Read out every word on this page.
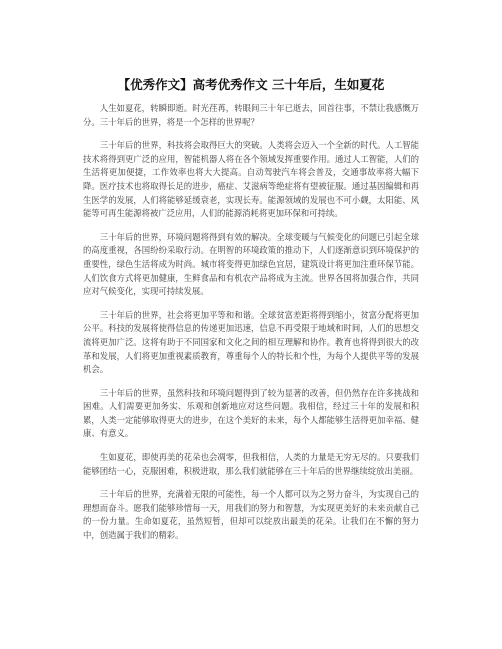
【优秀作文】高考优秀作文 三十年后，生如夏花

人生如夏花，转瞬即逝。时光荏苒，转眼间三十年已逝去，回首往事，不禁让我感慨万分。三十年后的世界，将是一个怎样的世界呢？

三十年后的世界，科技将会取得巨大的突破。人类将会迈入一个全新的时代。人工智能技术将得到更广泛的应用，智能机器人将在各个领域发挥重要作用。通过人工智能，人们的生活将更加便捷，工作效率也将大大提高。自动驾驶汽车将会普及，交通事故率将大幅下降。医疗技术也将取得长足的进步，癌症、艾滋病等绝症将有望被征服。通过基因编辑和再生医学的发展，人们将能够延缓衰老，实现长寿。能源领域的发展也不可小觑，太阳能、风能等可再生能源将被广泛应用，人们的能源消耗将更加环保和可持续。

三十年后的世界，环境问题将得到有效的解决。全球变暖与气候变化的问题已引起全球的高度重视，各国纷纷采取行动。在明智的环境政策的推动下，人们逐渐意识到环境保护的重要性，绿色生活将成为时尚。城市将变得更加绿色宜居，建筑设计将更加注重环保节能。人们饮食方式将更加健康，生鲜食品和有机农产品将成为主流。世界各国将加强合作，共同应对气候变化，实现可持续发展。

三十年后的世界，社会将更加平等和和谐。全球贫富差距将得到缩小，贫富分配将更加公平。科技的发展将使得信息的传递更加迅速，信息不再受限于地域和时间，人们的思想交流将更加广泛。这将有助于不同国家和文化之间的相互理解和协作。教育也将得到很大的改革和发展，人们将更加重视素质教育，尊重每个人的特长和个性，为每个人提供平等的发展机会。

三十年后的世界，虽然科技和环境问题得到了较为显著的改善，但仍然存在许多挑战和困难。人们需要更加务实、乐观和创新地应对这些问题。我相信，经过三十年的发展和积累，人类一定能够取得更大的进步，在这个美好的未来，每个人都能够生活得更加幸福、健康、有意义。

生如夏花，即使再美的花朵也会凋零，但我相信，人类的力量是无穷无尽的。只要我们能够团结一心，克服困难，积极进取，那么我们就能够在三十年后的世界继续绽放出美丽。

三十年后的世界，充满着无限的可能性，每一个人都可以为之努力奋斗，为实现自己的理想而奋斗。愿我们能够珍惜每一天，用我们的努力和智慧，为实现更美好的未来贡献自己的一份力量。生命如夏花，虽然短暂，但却可以绽放出最美的花朵。让我们在不懈的努力中，创造属于我们的精彩。
